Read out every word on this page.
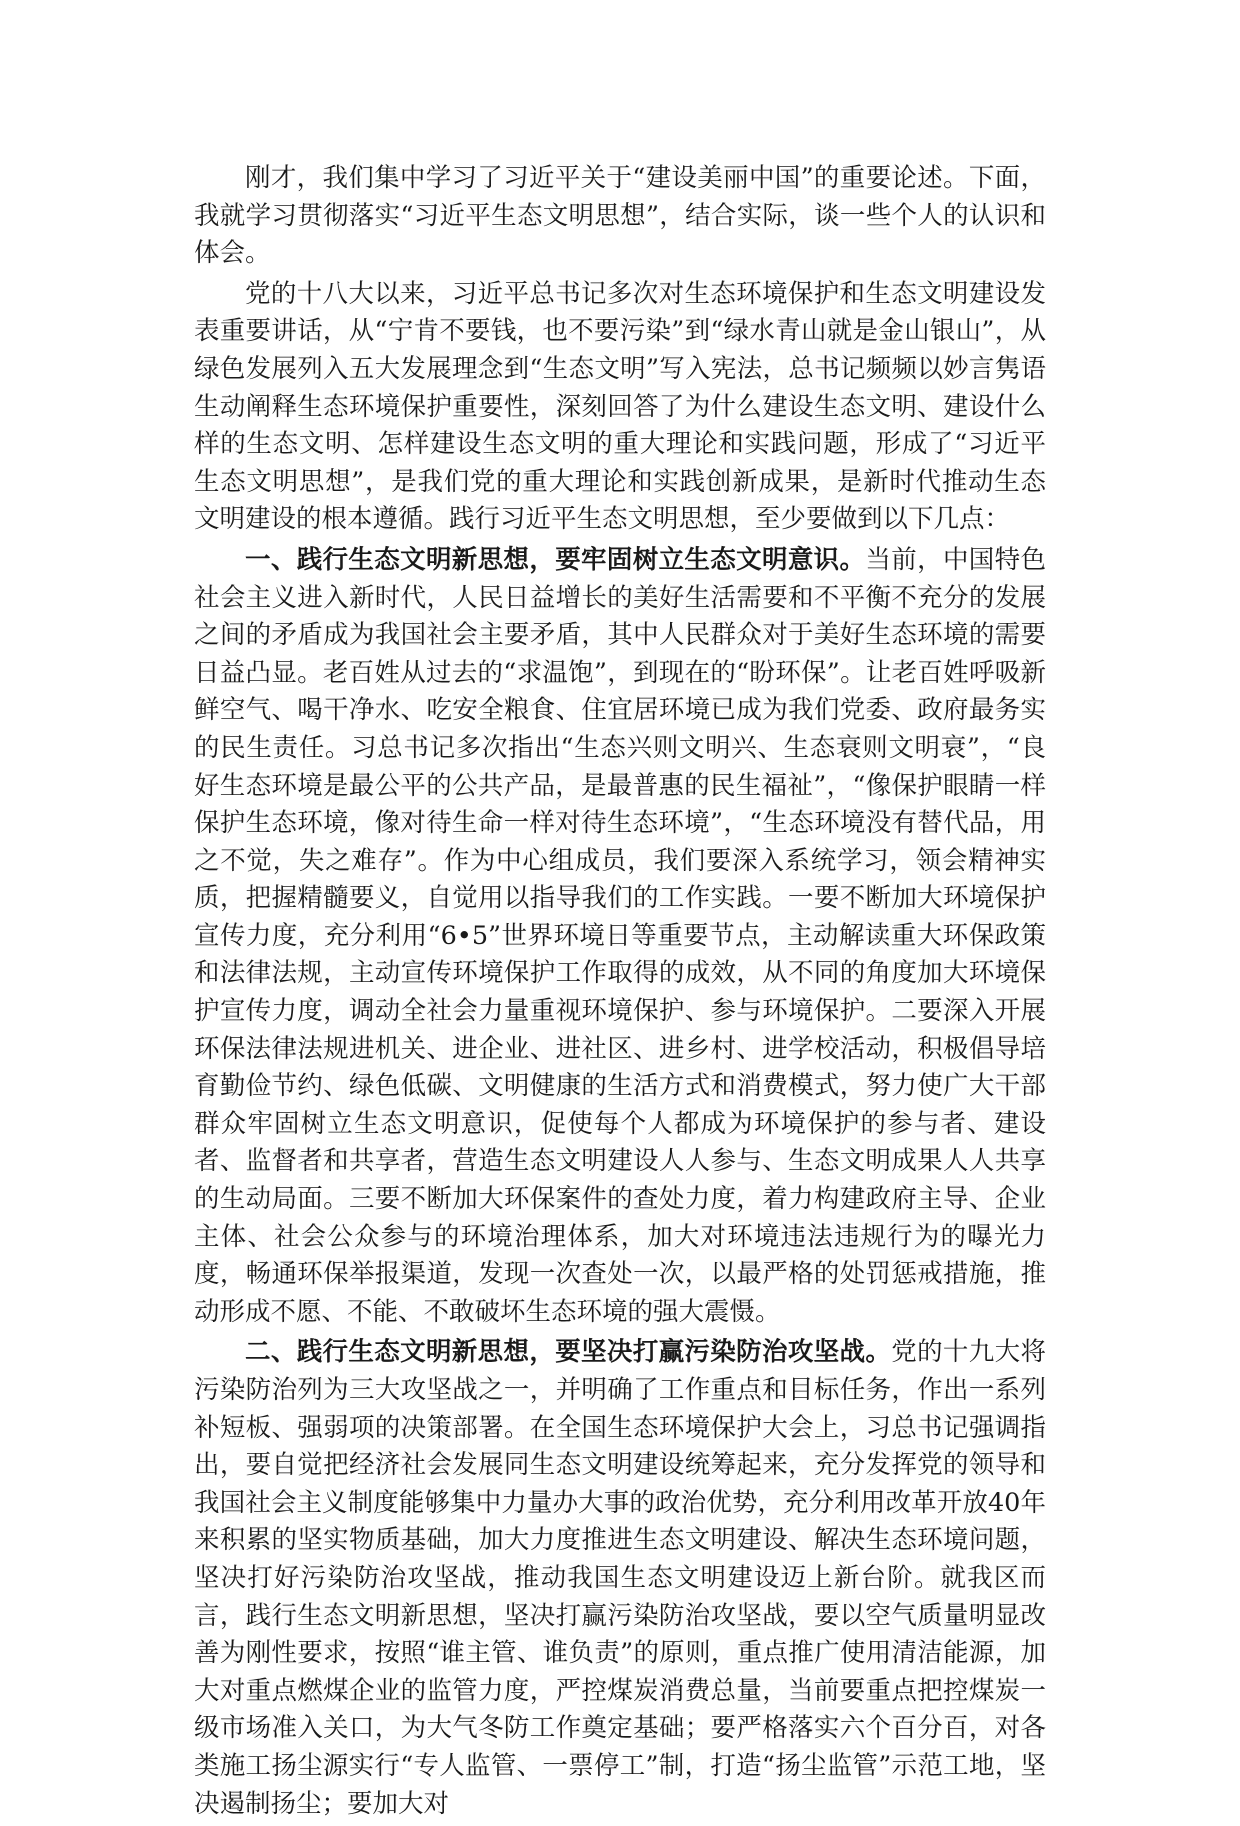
刚才，我们集中学习了习近平关于“建设美丽中国”的重要论述。下面，我就学习贯彻落实“习近平生态文明思想”，结合实际，谈一些个人的认识和体会。

党的十八大以来，习近平总书记多次对生态环境保护和生态文明建设发表重要讲话，从“宁肯不要钱，也不要污染”到“绿水青山就是金山银山”，从绿色发展列入五大发展理念到“生态文明”写入宪法，总书记频频以妙言隽语生动阐释生态环境保护重要性，深刻回答了为什么建设生态文明、建设什么样的生态文明、怎样建设生态文明的重大理论和实践问题，形成了“习近平生态文明思想”，是我们党的重大理论和实践创新成果，是新时代推动生态文明建设的根本遵循。践行习近平生态文明思想，至少要做到以下几点：

一、践行生态文明新思想，要牢固树立生态文明意识。当前，中国特色社会主义进入新时代，人民日益增长的美好生活需要和不平衡不充分的发展之间的矛盾成为我国社会主要矛盾，其中人民群众对于美好生态环境的需要日益凸显。老百姓从过去的“求温饱”，到现在的“盼环保”。让老百姓呼吸新鲜空气、喝干净水、吃安全粮食、住宜居环境已成为我们党委、政府最务实的民生责任。习总书记多次指出“生态兴则文明兴、生态衰则文明衰”，“良好生态环境是最公平的公共产品，是最普惠的民生福祉”，“像保护眼睛一样保护生态环境，像对待生命一样对待生态环境”，“生态环境没有替代品，用之不觉，失之难存”。作为中心组成员，我们要深入系统学习，领会精神实质，把握精髓要义，自觉用以指导我们的工作实践。一要不断加大环境保护宣传力度，充分利用“6•5”世界环境日等重要节点，主动解读重大环保政策和法律法规，主动宣传环境保护工作取得的成效，从不同的角度加大环境保护宣传力度，调动全社会力量重视环境保护、参与环境保护。二要深入开展环保法律法规进机关、进企业、进社区、进乡村、进学校活动，积极倡导培育勤俭节约、绿色低碳、文明健康的生活方式和消费模式，努力使广大干部群众牢固树立生态文明意识，促使每个人都成为环境保护的参与者、建设者、监督者和共享者，营造生态文明建设人人参与、生态文明成果人人共享的生动局面。三要不断加大环保案件的查处力度，着力构建政府主导、企业主体、社会公众参与的环境治理体系，加大对环境违法违规行为的曝光力度，畅通环保举报渠道，发现一次查处一次，以最严格的处罚惩戒措施，推动形成不愿、不能、不敢破坏生态环境的强大震慑。

二、践行生态文明新思想，要坚决打赢污染防治攻坚战。党的十九大将污染防治列为三大攻坚战之一，并明确了工作重点和目标任务，作出一系列补短板、强弱项的决策部署。在全国生态环境保护大会上，习总书记强调指出，要自觉把经济社会发展同生态文明建设统筹起来，充分发挥党的领导和我国社会主义制度能够集中力量办大事的政治优势，充分利用改革开放40年来积累的坚实物质基础，加大力度推进生态文明建设、解决生态环境问题，坚决打好污染防治攻坚战，推动我国生态文明建设迈上新台阶。就我区而言，践行生态文明新思想，坚决打赢污染防治攻坚战，要以空气质量明显改善为刚性要求，按照“谁主管、谁负责”的原则，重点推广使用清洁能源，加大对重点燃煤企业的监管力度，严控煤炭消费总量，当前要重点把控煤炭一级市场准入关口，为大气冬防工作奠定基础；要严格落实六个百分百，对各类施工扬尘源实行“专人监管、一票停工”制，打造“扬尘监管”示范工地，坚决遏制扬尘；要加大对
